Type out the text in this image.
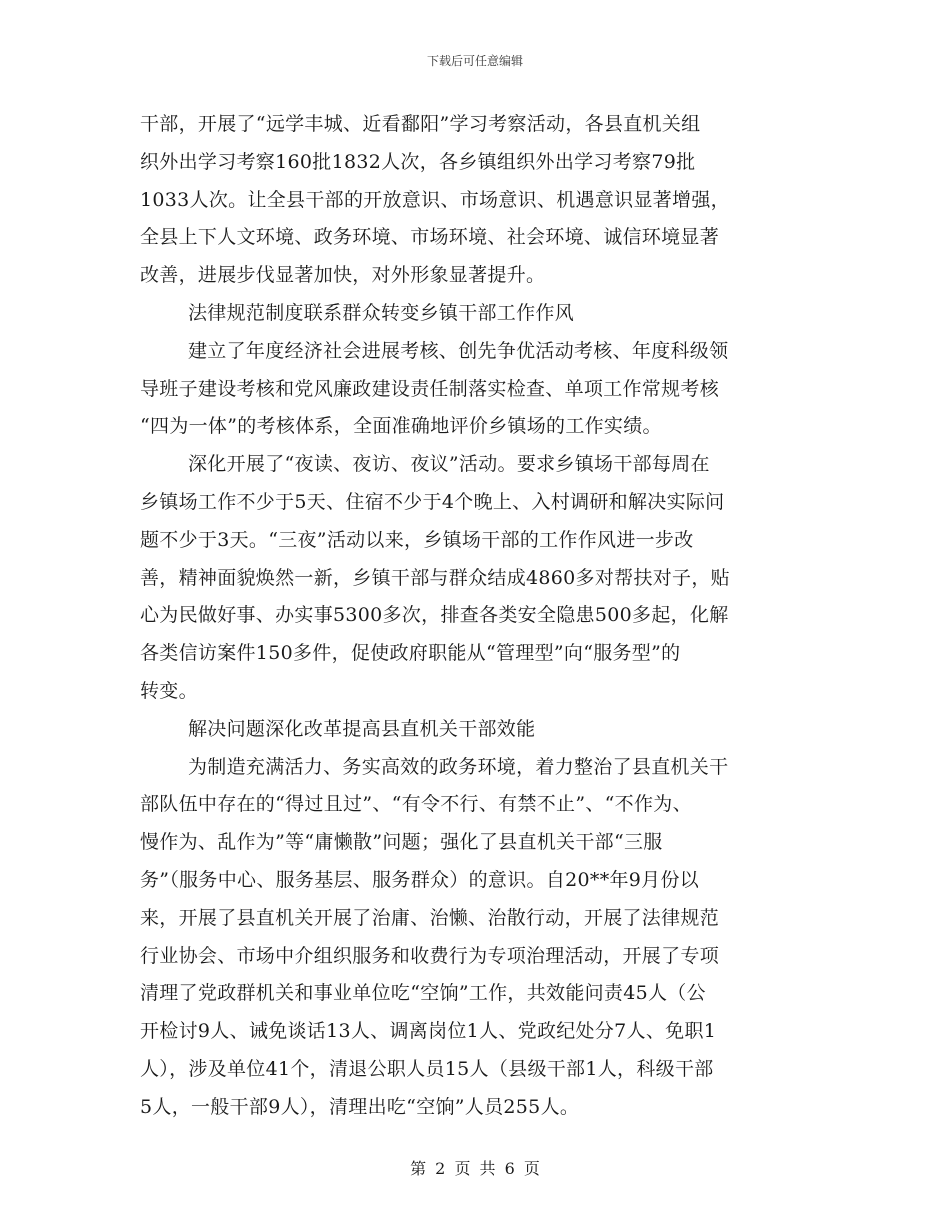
下载后可任意编辑
干部，开展了“远学丰城、近看鄱阳”学习考察活动，各县直机关组
织外出学习考察160批1832人次，各乡镇组织外出学习考察79批
1033人次。让全县干部的开放意识、市场意识、机遇意识显著增强，
全县上下人文环境、政务环境、市场环境、社会环境、诚信环境显著
改善，进展步伐显著加快，对外形象显著提升。
法律规范制度联系群众转变乡镇干部工作作风
建立了年度经济社会进展考核、创先争优活动考核、年度科级领
导班子建设考核和党风廉政建设责任制落实检查、单项工作常规考核
“四为一体”的考核体系，全面准确地评价乡镇场的工作实绩。
深化开展了“夜读、夜访、夜议”活动。要求乡镇场干部每周在
乡镇场工作不少于5天、住宿不少于4个晚上、入村调研和解决实际问
题不少于3天。“三夜”活动以来，乡镇场干部的工作作风进一步改
善，精神面貌焕然一新，乡镇干部与群众结成4860多对帮扶对子，贴
心为民做好事、办实事5300多次，排查各类安全隐患500多起，化解
各类信访案件150多件，促使政府职能从“管理型”向“服务型”的
转变。
解决问题深化改革提高县直机关干部效能
为制造充满活力、务实高效的政务环境，着力整治了县直机关干
部队伍中存在的“得过且过”、“有令不行、有禁不止”、“不作为、
慢作为、乱作为”等“庸懒散”问题；强化了县直机关干部“三服
务”（服务中心、服务基层、服务群众）的意识。自20**年9月份以
来，开展了县直机关开展了治庸、治懒、治散行动，开展了法律规范
行业协会、市场中介组织服务和收费行为专项治理活动，开展了专项
清理了党政群机关和事业单位吃“空饷”工作，共效能问责45人（公
开检讨9人、诫免谈话13人、调离岗位1人、党政纪处分7人、免职1
人），涉及单位41个，清退公职人员15人（县级干部1人，科级干部
5人，一般干部9人），清理出吃“空饷”人员255人。
第 2 页 共 6 页
